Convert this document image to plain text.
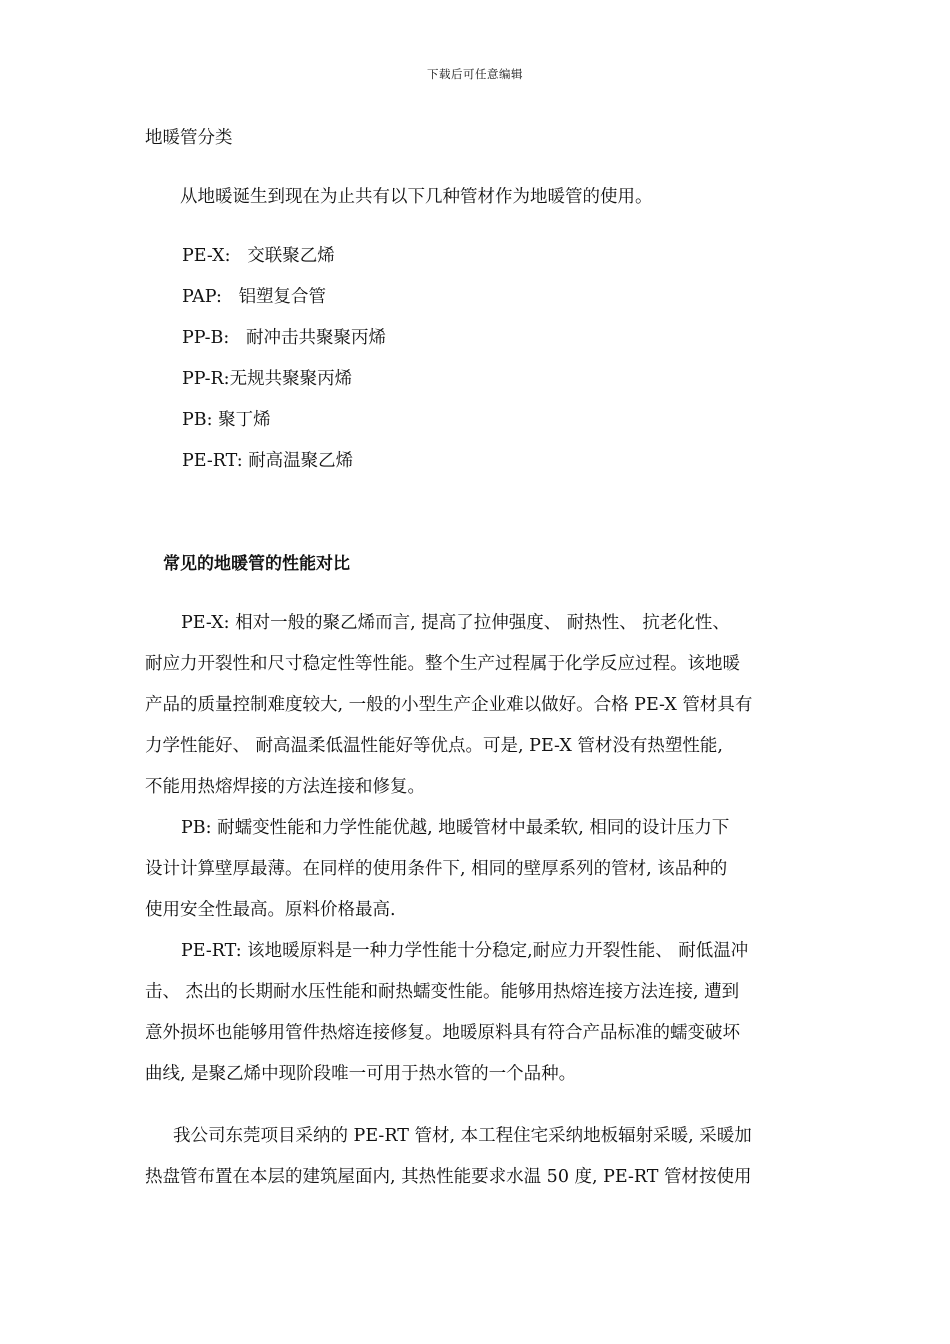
下载后可任意编辑
地暖管分类
从地暖诞生到现在为止共有以下几种管材作为地暖管的使用。
PE-X: 交联聚乙烯
PAP: 铝塑复合管
PP-B: 耐冲击共聚聚丙烯
PP-R:无规共聚聚丙烯
PB: 聚丁烯
PE-RT: 耐高温聚乙烯
常见的地暖管的性能对比
PE-X: 相对一般的聚乙烯而言, 提高了拉伸强度、 耐热性、 抗老化性、
耐应力开裂性和尺寸稳定性等性能。整个生产过程属于化学反应过程。该地暖
产品的质量控制难度较大, 一般的小型生产企业难以做好。合格 PE-X 管材具有
力学性能好、 耐高温柔低温性能好等优点。可是, PE-X 管材没有热塑性能,
不能用热熔焊接的方法连接和修复。
PB: 耐蠕变性能和力学性能优越, 地暖管材中最柔软, 相同的设计压力下
设计计算壁厚最薄。在同样的使用条件下, 相同的壁厚系列的管材, 该品种的
使用安全性最高。原料价格最高.
PE-RT: 该地暖原料是一种力学性能十分稳定,耐应力开裂性能、 耐低温冲
击、 杰出的长期耐水压性能和耐热蠕变性能。能够用热熔连接方法连接, 遭到
意外损坏也能够用管件热熔连接修复。地暖原料具有符合产品标准的蠕变破坏
曲线, 是聚乙烯中现阶段唯一可用于热水管的一个品种。
我公司东莞项目采纳的 PE-RT 管材, 本工程住宅采纳地板辐射采暖, 采暖加
热盘管布置在本层的建筑屋面内, 其热性能要求水温 50 度, PE-RT 管材按使用
